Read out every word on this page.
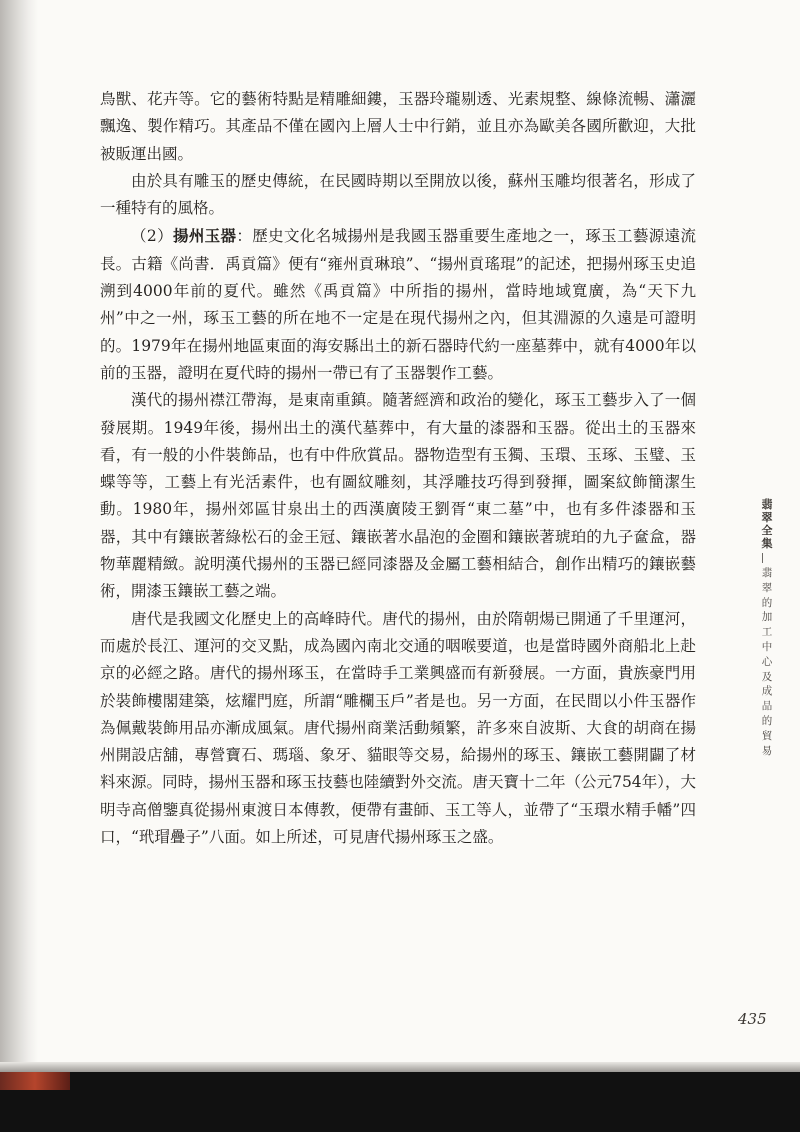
鳥獸、花卉等。它的藝術特點是精雕細鏤，玉器玲瓏剔透、光素規整、線條流暢、瀟灑飄逸、製作精巧。其產品不僅在國內上層人士中行銷，並且亦為歐美各國所歡迎，大批被販運出國。

由於具有雕玉的歷史傳統，在民國時期以至開放以後，蘇州玉雕均很著名，形成了一種特有的風格。

（2）揚州玉器：歷史文化名城揚州是我國玉器重要生產地之一，琢玉工藝源遠流長。古籍《尚書．禹貢篇》便有“雍州貢琳琅”、“揚州貢瑤琨”的記述，把揚州琢玉史追溯到4000年前的夏代。雖然《禹貢篇》中所指的揚州，當時地域寬廣，為“天下九州”中之一州，琢玉工藝的所在地不一定是在現代揚州之內，但其淵源的久遠是可證明的。1979年在揚州地區東面的海安縣出土的新石器時代約一座墓葬中，就有4000年以前的玉器，證明在夏代時的揚州一帶已有了玉器製作工藝。

漢代的揚州襟江帶海，是東南重鎮。隨著經濟和政治的變化，琢玉工藝步入了一個發展期。1949年後，揚州出土的漢代墓葬中，有大量的漆器和玉器。從出土的玉器來看，有一般的小件裝飾品，也有中件欣賞品。器物造型有玉獨、玉環、玉琢、玉璧、玉蝶等等，工藝上有光活素件，也有圖紋雕刻，其浮雕技巧得到發揮，圖案紋飾簡潔生動。1980年，揚州郊區甘泉出土的西漢廣陵王劉胥“東二墓”中，也有多件漆器和玉器，其中有鑲嵌著綠松石的金王冠、鑲嵌著水晶泡的金圈和鑲嵌著琥珀的九子奩盒，器物華麗精緻。說明漢代揚州的玉器已經同漆器及金屬工藝相結合，創作出精巧的鑲嵌藝術，開漆玉鑲嵌工藝之端。

唐代是我國文化歷史上的高峰時代。唐代的揚州，由於隋朝煬已開通了千里運河，而處於長江、運河的交叉點，成為國內南北交通的咽喉要道，也是當時國外商船北上赴京的必經之路。唐代的揚州琢玉，在當時手工業興盛而有新發展。一方面，貴族豪門用於裝飾樓閣建築，炫耀門庭，所謂“雕欄玉戶”者是也。另一方面，在民間以小件玉器作為佩戴裝飾用品亦漸成風氣。唐代揚州商業活動頻繁，許多來自波斯、大食的胡商在揚州開設店舖，專營寶石、瑪瑙、象牙、貓眼等交易，給揚州的琢玉、鑲嵌工藝開闢了材料來源。同時，揚州玉器和琢玉技藝也陸續對外交流。唐天寶十二年（公元754年），大明寺高僧鑒真從揚州東渡日本傳教，便帶有畫師、玉工等人，並帶了“玉環水精手幡”四口，“玳瑁疊子”八面。如上所述，可見唐代揚州琢玉之盛。

翡翠全集
翡翠的加工中心及成品的貿易
435
